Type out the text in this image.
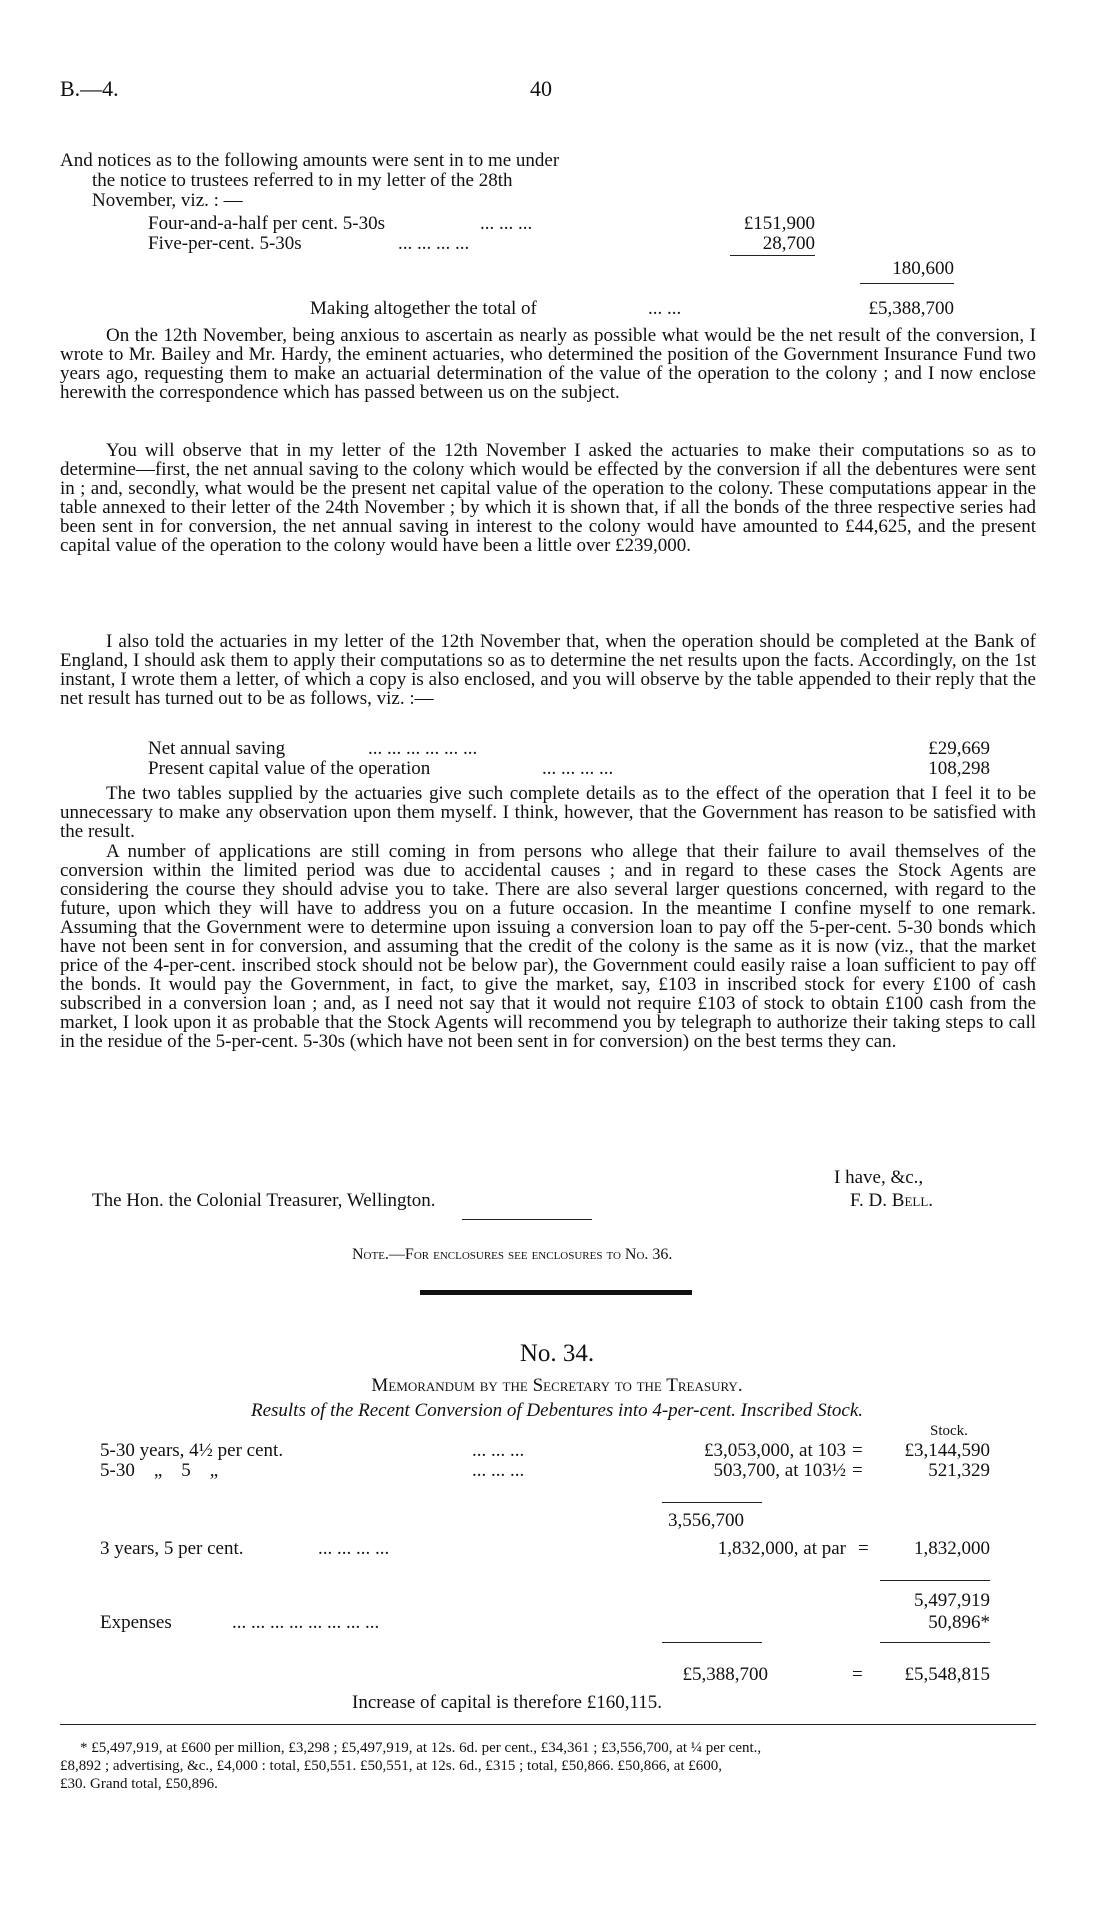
B.—4.	40
And notices as to the following amounts were sent in to me under
the notice to trustees referred to in my letter of the 28th
November, viz. : —
Four-and-a-half per cent. 5-30s	... ... ...	£151,900
Five-per-cent. 5-30s	... ... ... ...	28,700
180,600
Making altogether the total of	... ...	£5,388,700
On the 12th November, being anxious to ascertain as nearly as possible what would be the net result of the conversion, I wrote to Mr. Bailey and Mr. Hardy, the eminent actuaries, who determined the position of the Government Insurance Fund two years ago, requesting them to make an actuarial determination of the value of the operation to the colony ; and I now enclose herewith the correspondence which has passed between us on the subject.
You will observe that in my letter of the 12th November I asked the actuaries to make their computations so as to determine—first, the net annual saving to the colony which would be effected by the conversion if all the debentures were sent in ; and, secondly, what would be the present net capital value of the operation to the colony. These computations appear in the table annexed to their letter of the 24th November ; by which it is shown that, if all the bonds of the three respective series had been sent in for conversion, the net annual saving in interest to the colony would have amounted to £44,625, and the present capital value of the operation to the colony would have been a little over £239,000.
I also told the actuaries in my letter of the 12th November that, when the operation should be completed at the Bank of England, I should ask them to apply their computations so as to determine the net results upon the facts. Accordingly, on the 1st instant, I wrote them a letter, of which a copy is also enclosed, and you will observe by the table appended to their reply that the net result has turned out to be as follows, viz. :—
Net annual saving	... ... ... ... ... ...	£29,669
Present capital value of the operation	... ... ... ...	108,298
The two tables supplied by the actuaries give such complete details as to the effect of the operation that I feel it to be unnecessary to make any observation upon them myself. I think, however, that the Government has reason to be satisfied with the result.
A number of applications are still coming in from persons who allege that their failure to avail themselves of the conversion within the limited period was due to accidental causes ; and in regard to these cases the Stock Agents are considering the course they should advise you to take. There are also several larger questions concerned, with regard to the future, upon which they will have to address you on a future occasion. In the meantime I confine myself to one remark. Assuming that the Government were to determine upon issuing a conversion loan to pay off the 5-per-cent. 5-30 bonds which have not been sent in for conversion, and assuming that the credit of the colony is the same as it is now (viz., that the market price of the 4-per-cent. inscribed stock should not be below par), the Government could easily raise a loan sufficient to pay off the bonds. It would pay the Government, in fact, to give the market, say, £103 in inscribed stock for every £100 of cash subscribed in a conversion loan ; and, as I need not say that it would not require £103 of stock to obtain £100 cash from the market, I look upon it as probable that the Stock Agents will recommend you by telegraph to authorize their taking steps to call in the residue of the 5-per-cent. 5-30s (which have not been sent in for conversion) on the best terms they can.
I have, &c.,
The Hon. the Colonial Treasurer, Wellington.	F. D. Bell.
Note.—For enclosures see enclosures to No. 36.
No. 34.
Memorandum by the Secretary to the Treasury.
Results of the Recent Conversion of Debentures into 4-per-cent. Inscribed Stock.
Stock.
5-30 years, 4½ per cent.	... ... ...	£3,053,000, at 103 =	£3,144,590
5-30    „    5    „	... ... ...	503,700, at 103½ =	521,329
3,556,700
3 years, 5 per cent.	... ... ... ...	1,832,000, at par =	1,832,000
5,497,919
Expenses	... ... ... ... ... ... ... ...	50,896*
£5,388,700	=	£5,548,815
Increase of capital is therefore £160,115.
* £5,497,919, at £600 per million, £3,298 ; £5,497,919, at 12s. 6d. per cent., £34,361 ; £3,556,700, at ¼ per cent.,
£8,892 ; advertising, &c., £4,000 : total, £50,551. £50,551, at 12s. 6d., £315 ; total, £50,866. £50,866, at £600,
£30. Grand total, £50,896.
